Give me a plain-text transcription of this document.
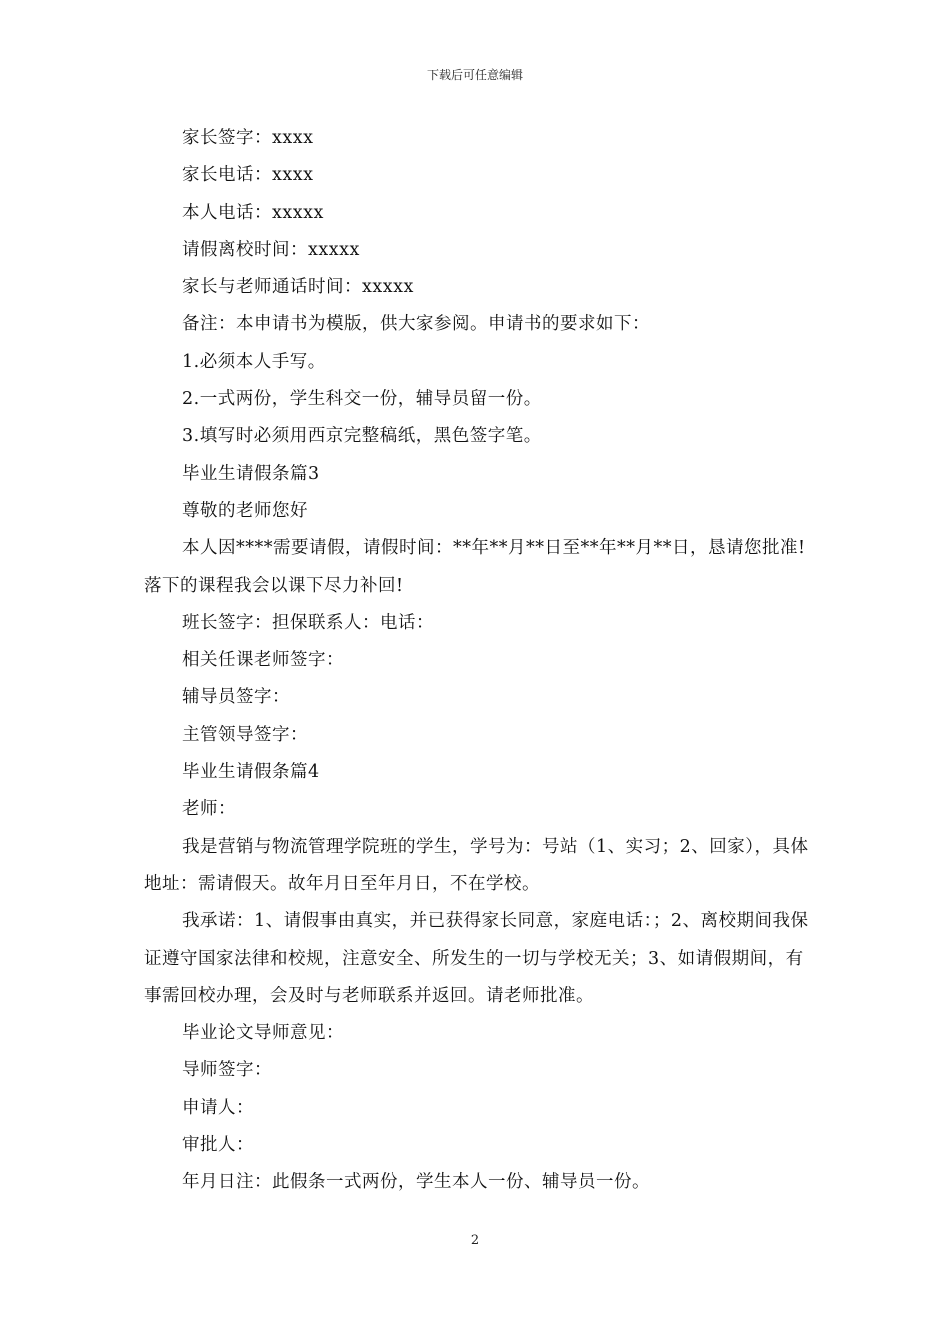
下载后可任意编辑

家长签字：xxxx

家长电话：xxxx

本人电话：xxxxx

请假离校时间：xxxxx

家长与老师通话时间：xxxxx

备注：本申请书为模版，供大家参阅。申请书的要求如下：

1.必须本人手写。

2.一式两份，学生科交一份，辅导员留一份。

3.填写时必须用西京完整稿纸，黑色签字笔。

毕业生请假条篇3

尊敬的老师您好

本人因****需要请假，请假时间：**年**月**日至**年**月**日，恳请您批准!落下的课程我会以课下尽力补回!

班长签字：担保联系人：电话：

相关任课老师签字：

辅导员签字：

主管领导签字：

毕业生请假条篇4

老师：

我是营销与物流管理学院班的学生，学号为：号站（1、实习；2、回家），具体地址：需请假天。故年月日至年月日，不在学校。

我承诺：1、请假事由真实，并已获得家长同意，家庭电话：；2、离校期间我保证遵守国家法律和校规，注意安全、所发生的一切与学校无关；3、如请假期间，有事需回校办理，会及时与老师联系并返回。请老师批准。

毕业论文导师意见：

导师签字：

申请人：

审批人：

年月日注：此假条一式两份，学生本人一份、辅导员一份。

2
